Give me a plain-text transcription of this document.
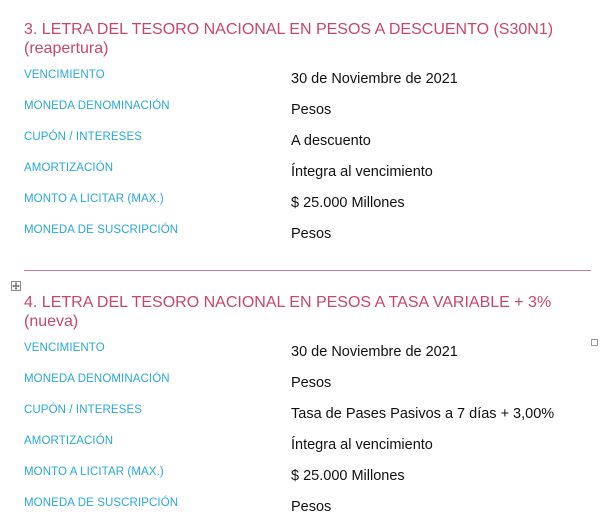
3. LETRA DEL TESORO NACIONAL EN PESOS A DESCUENTO (S30N1)
(reapertura)
VENCIMIENTO	30 de Noviembre de 2021
MONEDA DENOMINACIÓN	Pesos
CUPÓN / INTERESES	A descuento
AMORTIZACIÓN	Íntegra al vencimiento
MONTO A LICITAR (MAX.)	$ 25.000 Millones
MONEDA DE SUSCRIPCIÓN	Pesos
4. LETRA DEL TESORO NACIONAL EN PESOS A TASA VARIABLE + 3%
(nueva)
VENCIMIENTO	30 de Noviembre de 2021
MONEDA DENOMINACIÓN	Pesos
CUPÓN / INTERESES	Tasa de Pases Pasivos a 7 días + 3,00%
AMORTIZACIÓN	Íntegra al vencimiento
MONTO A LICITAR (MAX.)	$ 25.000 Millones
MONEDA DE SUSCRIPCIÓN	Pesos
